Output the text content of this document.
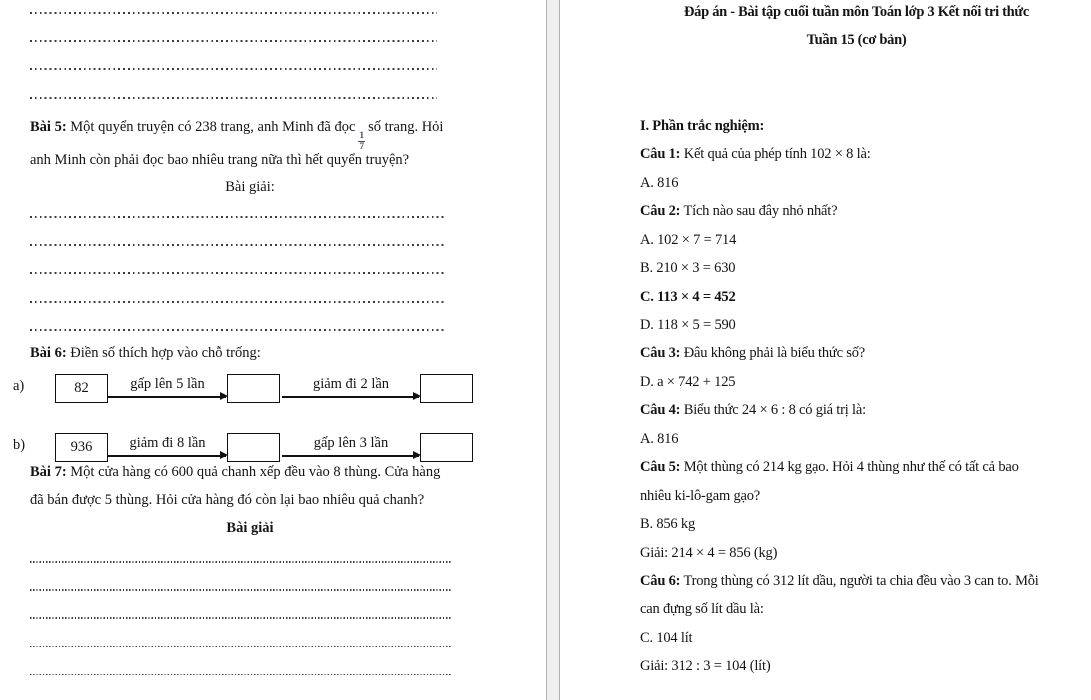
Bài 5: Một quyển truyện có 238 trang, anh Minh đã đọc
$\frac{1}{7}$
số trang. Hỏi
anh Minh còn phải đọc bao nhiêu trang nữa thì hết quyển truyện?
Bài giải:
Bài 6: Điền số thích hợp vào chỗ trống:
a)	82	gấp lên 5 lần	giảm đi 2 lần
b)	936	giảm đi 8 lần	gấp lên 3 lần
Bài 7: Một cửa hàng có 600 quả chanh xếp đều vào 8 thùng. Cửa hàng
đã bán được 5 thùng. Hỏi cửa hàng đó còn lại bao nhiêu quả chanh?
Bài giải

Đáp án - Bài tập cuối tuần môn Toán lớp 3 Kết nối tri thức

Tuần 15 (cơ bản)

I. Phần trắc nghiệm:

Câu 1: Kết quả của phép tính 102 × 8 là:

A. 816

Câu 2: Tích nào sau đây nhỏ nhất?

A. 102 × 7 = 714

B. 210 × 3 = 630

C. 113 × 4 = 452

D. 118 × 5 = 590

Câu 3: Đâu không phải là biểu thức số?

D. a × 742 + 125

Câu 4: Biểu thức 24 × 6 : 8 có giá trị là:

A. 816

Câu 5: Một thùng có 214 kg gạo. Hỏi 4 thùng như thế có tất cả bao

nhiêu ki-lô-gam gạo?

B. 856 kg

Giải: 214 × 4 = 856 (kg)

Câu 6: Trong thùng có 312 lít dầu, người ta chia đều vào 3 can to. Mỗi

can đựng số lít dầu là:

C. 104 lít

Giải: 312 : 3 = 104 (lít)
